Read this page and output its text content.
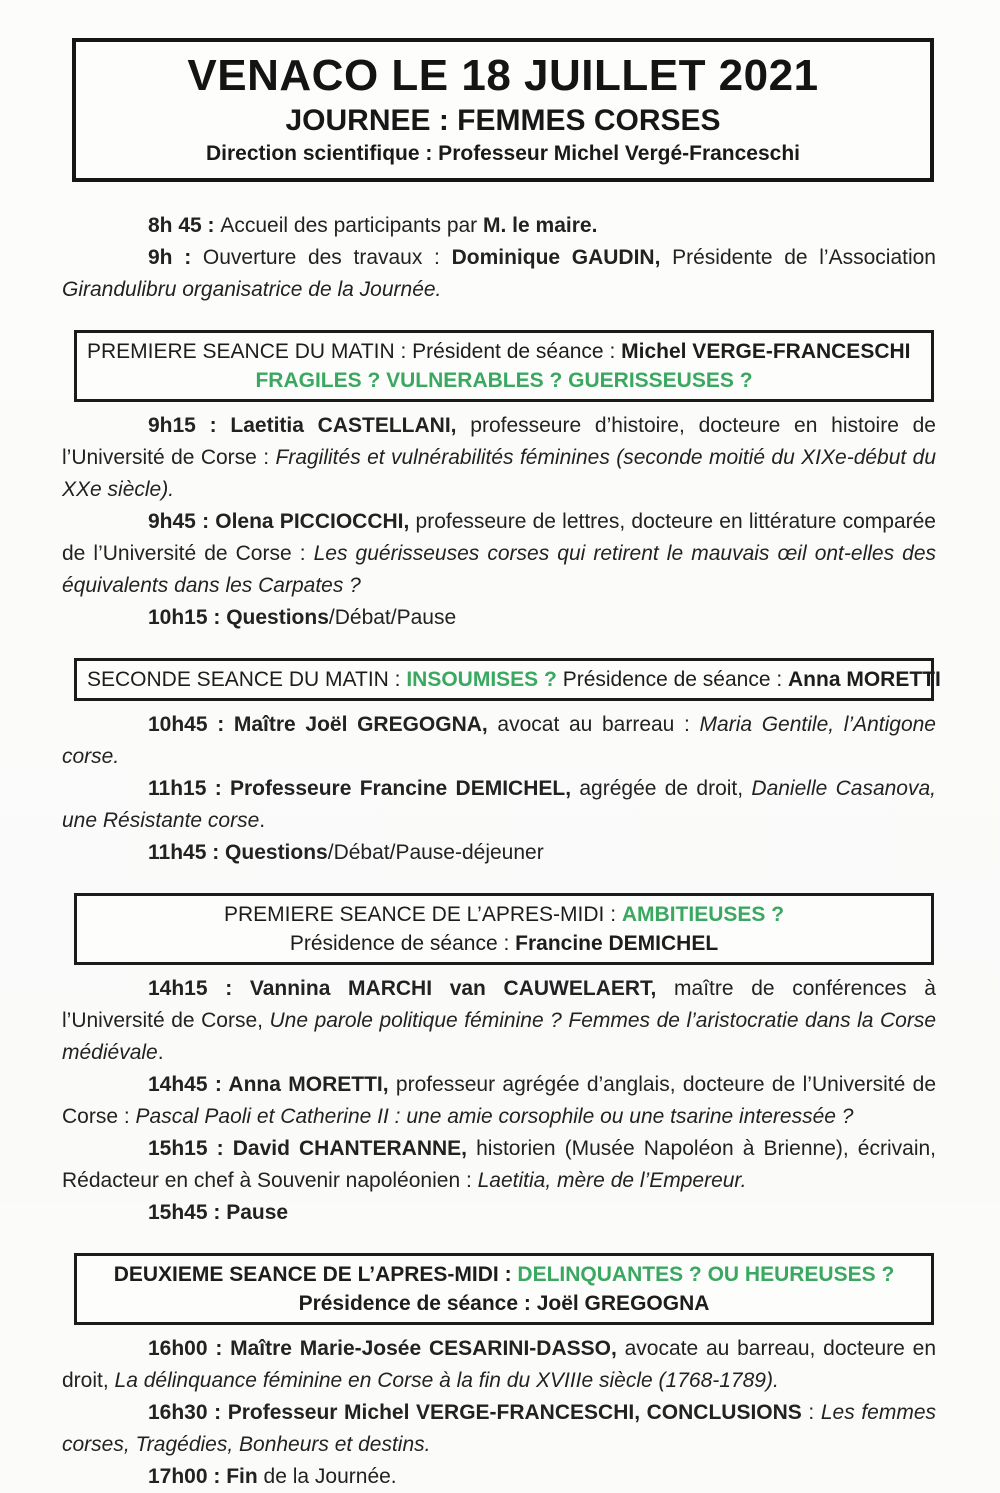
VENACO LE 18 JUILLET 2021
JOURNEE : FEMMES CORSES
Direction scientifique : Professeur Michel Vergé-Franceschi

8h 45 : Accueil des participants par M. le maire.

9h : Ouverture des travaux : Dominique GAUDIN, Présidente de l’Association Girandulibru organisatrice de la Journée.

PREMIERE SEANCE DU MATIN : Président de séance : Michel VERGE-FRANCESCHI
FRAGILES ? VULNERABLES ? GUERISSEUSES ?

9h15 : Laetitia CASTELLANI, professeure d’histoire, docteure en histoire de l’Université de Corse : Fragilités et vulnérabilités féminines (seconde moitié du XIXe-début du XXe siècle).

9h45 : Olena PICCIOCCHI, professeure de lettres, docteure en littérature comparée de l’Université de Corse : Les guérisseuses corses qui retirent le mauvais œil ont-elles des équivalents dans les Carpates ?

10h15 : Questions/Débat/Pause

SECONDE SEANCE DU MATIN : INSOUMISES ? Présidence de séance : Anna MORETTI

10h45 : Maître Joël GREGOGNA, avocat au barreau : Maria Gentile, l’Antigone corse.

11h15 : Professeure Francine DEMICHEL, agrégée de droit, Danielle Casanova, une Résistante corse.

11h45 : Questions/Débat/Pause-déjeuner

PREMIERE SEANCE DE L’APRES-MIDI : AMBITIEUSES ?
Présidence de séance : Francine DEMICHEL

14h15 : Vannina MARCHI van CAUWELAERT, maître de conférences à l’Université de Corse, Une parole politique féminine ? Femmes de l’aristocratie dans la Corse médiévale.

14h45 : Anna MORETTI, professeur agrégée d’anglais, docteure de l’Université de Corse : Pascal Paoli et Catherine II : une amie corsophile ou une tsarine interessée ?

15h15 : David CHANTERANNE, historien (Musée Napoléon à Brienne), écrivain, Rédacteur en chef à Souvenir napoléonien : Laetitia, mère de l’Empereur.

15h45 : Pause

DEUXIEME SEANCE DE L’APRES-MIDI : DELINQUANTES ? OU HEUREUSES ?
Présidence de séance : Joël GREGOGNA

16h00 : Maître Marie-Josée CESARINI-DASSO, avocate au barreau, docteure en droit, La délinquance féminine en Corse à la fin du XVIIIe siècle (1768-1789).

16h30 : Professeur Michel VERGE-FRANCESCHI, CONCLUSIONS : Les femmes corses, Tragédies, Bonheurs et destins.

17h00 : Fin de la Journée.
